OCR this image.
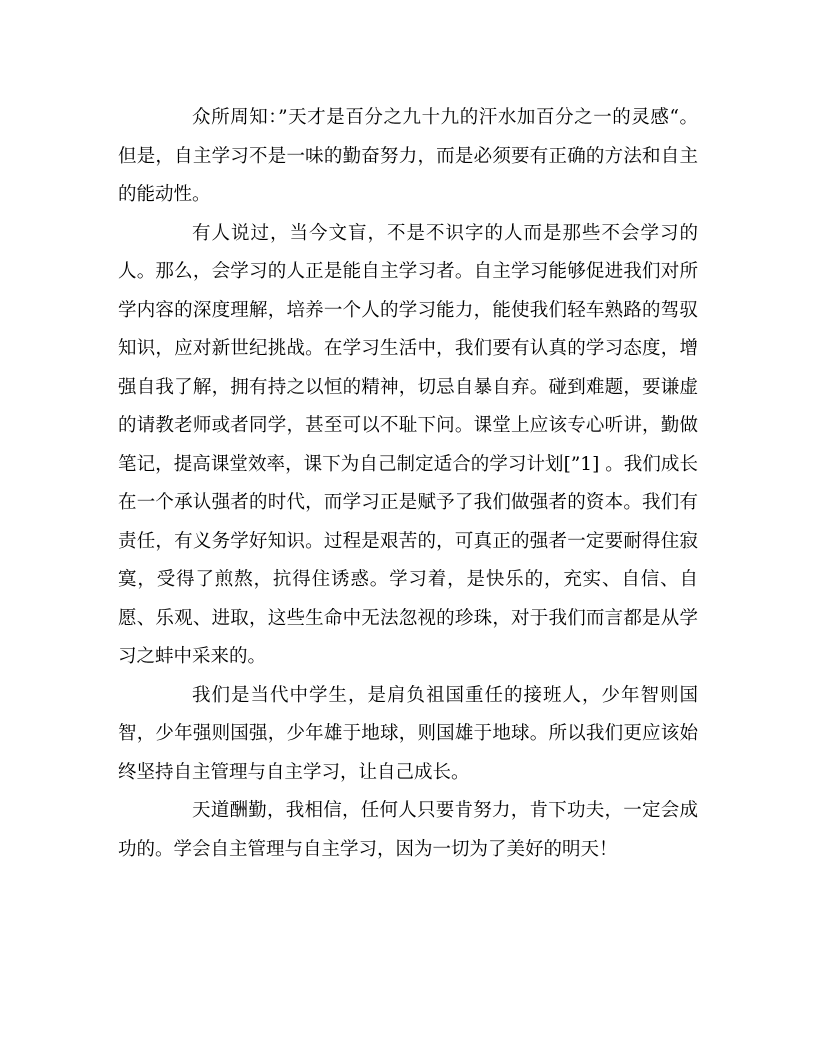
众所周知：”天才是百分之九十九的汗水加百分之一的灵感“。但是，自主学习不是一味的勤奋努力，而是必须要有正确的方法和自主的能动性。

有人说过，当今文盲，不是不识字的人而是那些不会学习的人。那么，会学习的人正是能自主学习者。自主学习能够促进我们对所学内容的深度理解，培养一个人的学习能力，能使我们轻车熟路的驾驭知识，应对新世纪挑战。在学习生活中，我们要有认真的学习态度，增强自我了解，拥有持之以恒的精神，切忌自暴自弃。碰到难题，要谦虚的请教老师或者同学，甚至可以不耻下问。课堂上应该专心听讲，勤做笔记，提高课堂效率，课下为自己制定适合的学习计划[”1] 。我们成长在一个承认强者的时代，而学习正是赋予了我们做强者的资本。我们有责任，有义务学好知识。过程是艰苦的，可真正的强者一定要耐得住寂寞，受得了煎熬，抗得住诱惑。学习着，是快乐的，充实、自信、自愿、乐观、进取，这些生命中无法忽视的珍珠，对于我们而言都是从学习之蚌中采来的。

我们是当代中学生，是肩负祖国重任的接班人，少年智则国智，少年强则国强，少年雄于地球，则国雄于地球。所以我们更应该始终坚持自主管理与自主学习，让自己成长。

天道酬勤，我相信，任何人只要肯努力，肯下功夫，一定会成功的。学会自主管理与自主学习，因为一切为了美好的明天！
